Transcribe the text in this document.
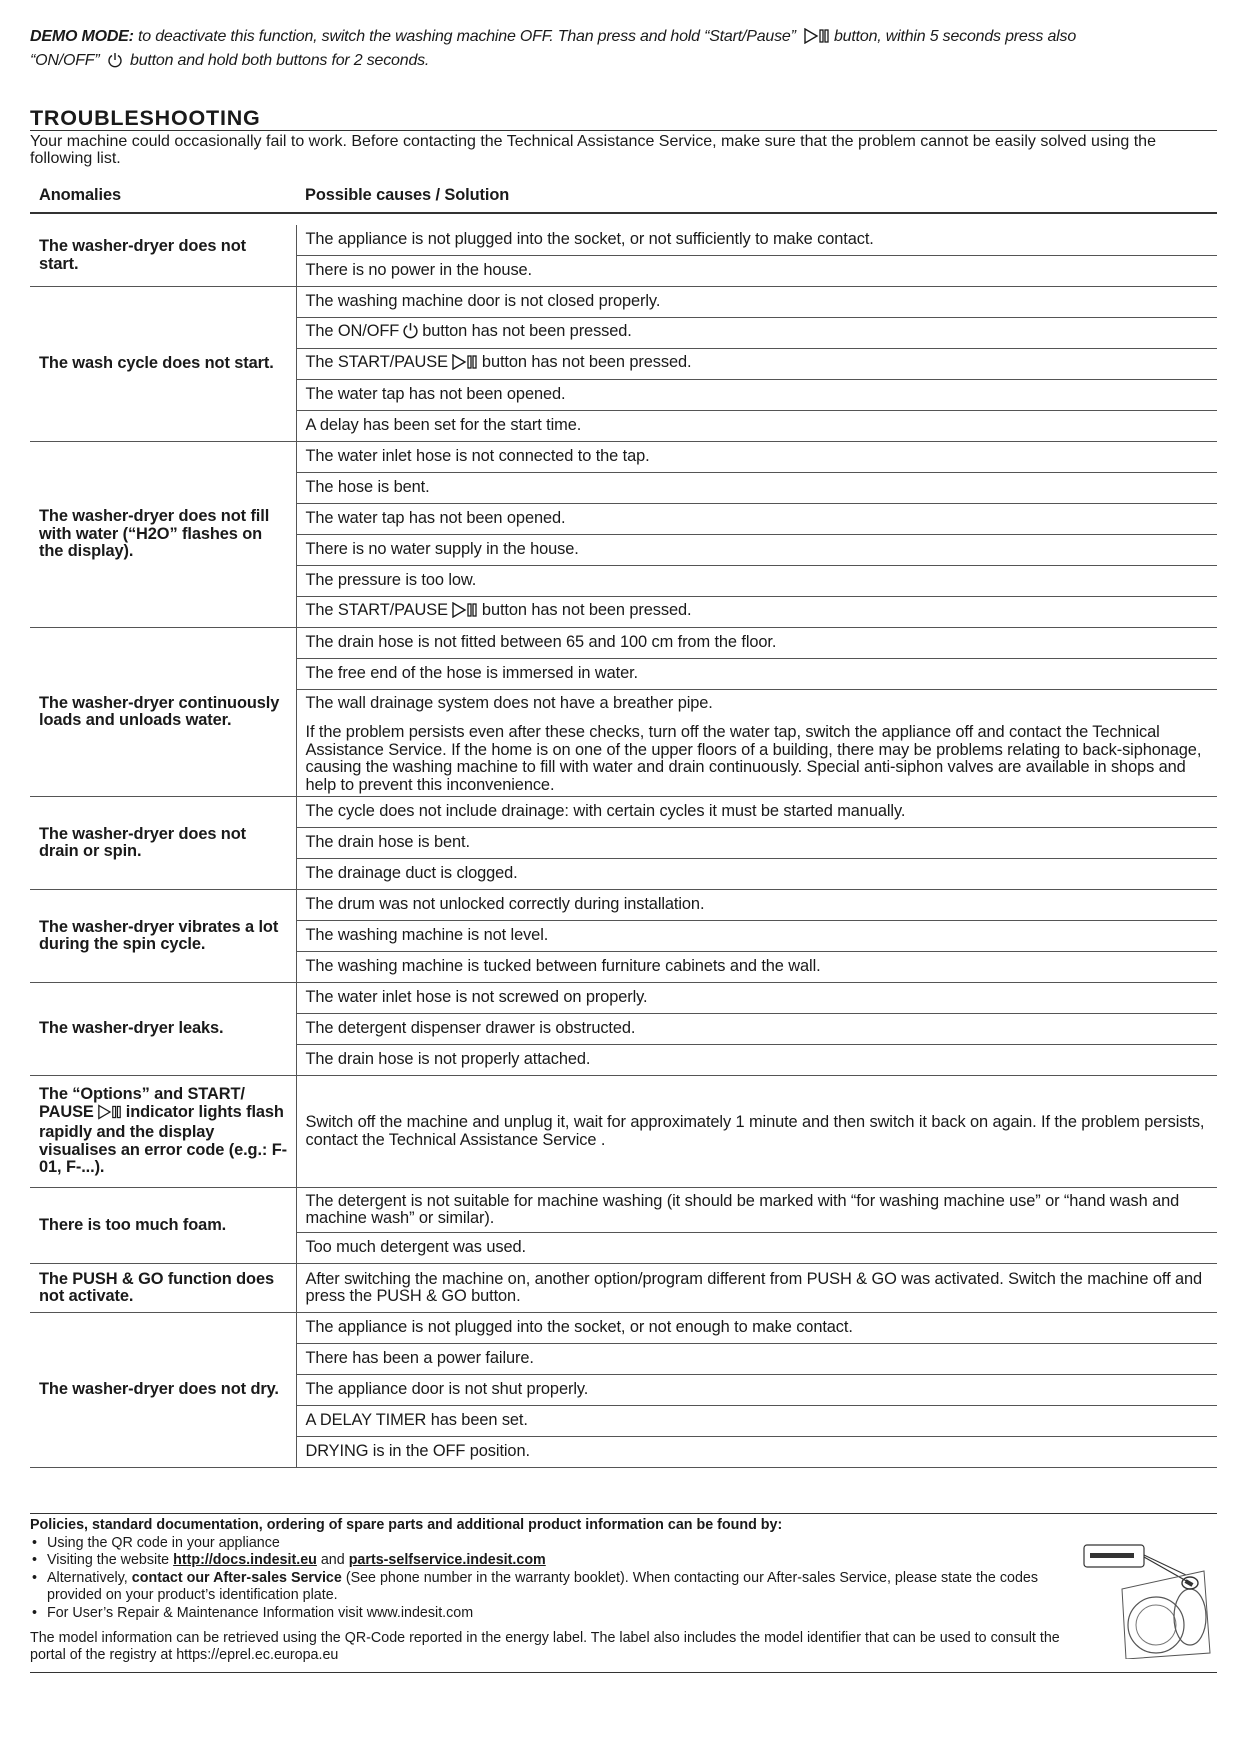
DEMO MODE: to deactivate this function, switch the washing machine OFF. Than press and hold “Start/Pause” button, within 5 seconds press also
“ON/OFF” button and hold both buttons for 2 seconds.
TROUBLESHOOTING
Your machine could occasionally fail to work. Before contacting the Technical Assistance Service, make sure that the problem cannot be easily solved using the following list.
Anomalies	Possible causes / Solution

The washer-dryer does not start.	The appliance is not plugged into the socket, or not sufficiently to make contact.
	There is no power in the house.
The wash cycle does not start.	The washing machine door is not closed properly.
	The ON/OFF button has not been pressed.
	The START/PAUSE button has not been pressed.
	The water tap has not been opened.
	A delay has been set for the start time.
The washer-dryer does not fill with water (“H2O” flashes on the display).	The water inlet hose is not connected to the tap.
	The hose is bent.
	The water tap has not been opened.
	There is no water supply in the house.
	The pressure is too low.
	The START/PAUSE button has not been pressed.
The washer-dryer continuously loads and unloads water.	The drain hose is not fitted between 65 and 100 cm from the floor.
	The free end of the hose is immersed in water.
	The wall drainage system does not have a breather pipe.
	If the problem persists even after these checks, turn off the water tap, switch the appliance off and contact the Technical Assistance Service. If the home is on one of the upper floors of a building, there may be problems relating to back-siphonage, causing the washing machine to fill with water and drain continuously. Special anti-siphon valves are available in shops and help to prevent this inconvenience.
The washer-dryer does not drain or spin.	The cycle does not include drainage: with certain cycles it must be started manually.
	The drain hose is bent.
	The drainage duct is clogged.
The washer-dryer vibrates a lot during the spin cycle.	The drum was not unlocked correctly during installation.
	The washing machine is not level.
	The washing machine is tucked between furniture cabinets and the wall.
The washer-dryer leaks.	The water inlet hose is not screwed on properly.
	The detergent dispenser drawer is obstructed.
	The drain hose is not properly attached.
The “Options” and START/ PAUSE indicator lights flash rapidly and the display visualises an error code (e.g.: F-01, F-...).	Switch off the machine and unplug it, wait for approximately 1 minute and then switch it back on again. If the problem persists, contact the Technical Assistance Service .
There is too much foam.	The detergent is not suitable for machine washing (it should be marked with “for washing machine use” or “hand wash and machine wash” or similar).
	Too much detergent was used.
The PUSH & GO function does not activate.	After switching the machine on, another option/program different from PUSH & GO was activated. Switch the machine off and press the PUSH & GO button.
The washer-dryer does not dry.	The appliance is not plugged into the socket, or not enough to make contact.
	There has been a power failure.
	The appliance door is not shut properly.
	A DELAY TIMER has been set.
	DRYING is in the OFF position.
Policies, standard documentation, ordering of spare parts and additional product information can be found by:
• Using the QR code in your appliance
• Visiting the website http://docs.indesit.eu and parts-selfservice.indesit.com
• Alternatively, contact our After-sales Service (See phone number in the warranty booklet). When contacting our After-sales Service, please state the codes provided on your product’s identification plate.
• For User’s Repair & Maintenance Information visit www.indesit.com
The model information can be retrieved using the QR-Code reported in the energy label. The label also includes the model identifier that can be used to consult the portal of the registry at https://eprel.ec.europa.eu
